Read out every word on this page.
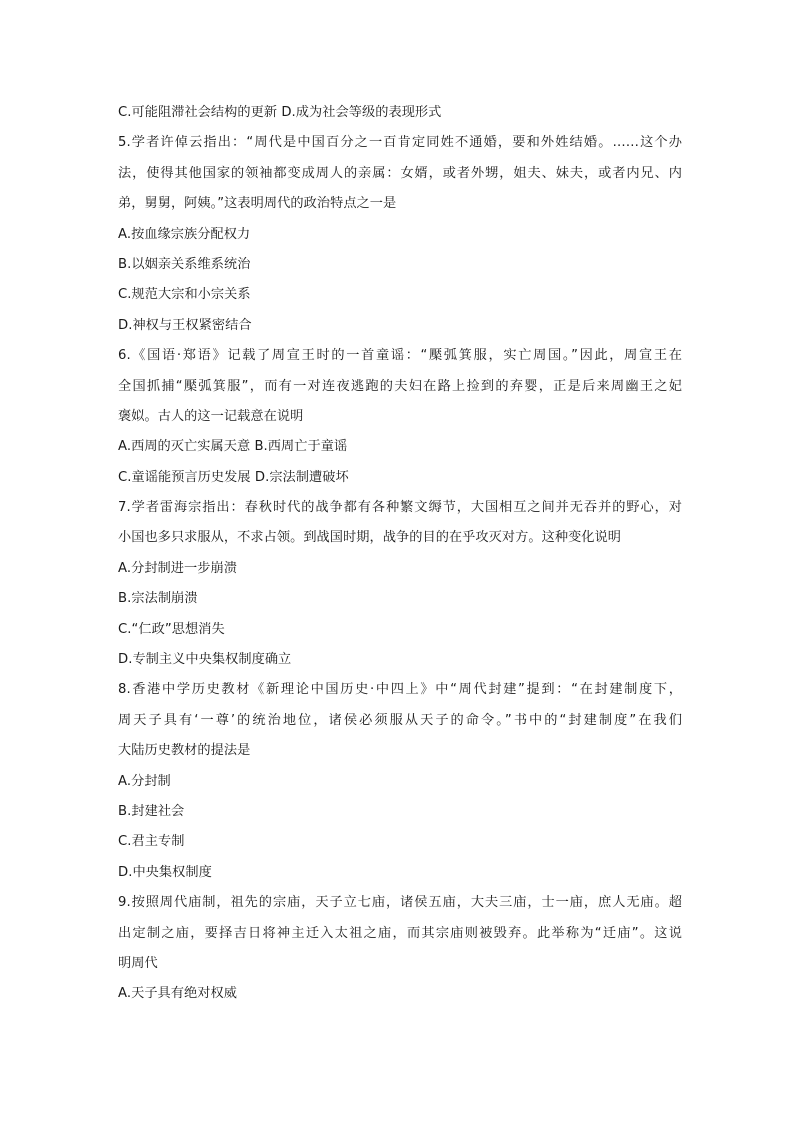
C.可能阻滞社会结构的更新 D.成为社会等级的表现形式
5.学者许倬云指出：“周代是中国百分之一百肯定同姓不通婚，要和外姓结婚。……这个办
法，使得其他国家的领袖都变成周人的亲属：女婿，或者外甥，姐夫、妹夫，或者内兄、内
弟，舅舅，阿姨。”这表明周代的政治特点之一是
A.按血缘宗族分配权力
B.以姻亲关系维系统治
C.规范大宗和小宗关系
D.神权与王权紧密结合
6.《国语·郑语》记载了周宣王时的一首童谣：“檿弧箕服，实亡周国。”因此，周宣王在
全国抓捕“檿弧箕服”，而有一对连夜逃跑的夫妇在路上捡到的弃婴，正是后来周幽王之妃
褒姒。古人的这一记载意在说明
A.西周的灭亡实属天意 B.西周亡于童谣
C.童谣能预言历史发展 D.宗法制遭破坏
7.学者雷海宗指出：春秋时代的战争都有各种繁文缛节，大国相互之间并无吞并的野心，对
小国也多只求服从，不求占领。到战国时期，战争的目的在乎攻灭对方。这种变化说明
A.分封制进一步崩溃
B.宗法制崩溃
C.“仁政”思想消失
D.专制主义中央集权制度确立
8.香港中学历史教材《新理论中国历史·中四上》中“周代封建”提到：“在封建制度下，
周天子具有‘一尊’的统治地位，诸侯必须服从天子的命令。”书中的“封建制度”在我们
大陆历史教材的提法是
A.分封制
B.封建社会
C.君主专制
D.中央集权制度
9.按照周代庙制，祖先的宗庙，天子立七庙，诸侯五庙，大夫三庙，士一庙，庶人无庙。超
出定制之庙，要择吉日将神主迁入太祖之庙，而其宗庙则被毁弃。此举称为“迁庙”。这说
明周代
A.天子具有绝对权威
